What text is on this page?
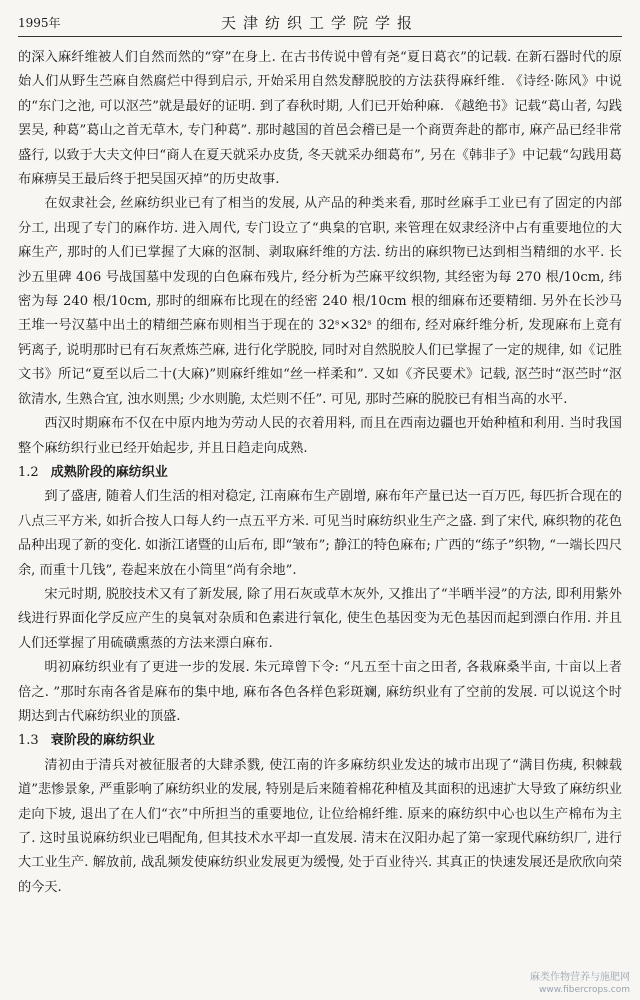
1995年	天津纺织工学院学报

的深入麻纤维被人们自然而然的“穿”在身上. 在古书传说中曾有尧“夏日葛衣”的记载. 在新石器时代的原始人们从野生苎麻自然腐烂中得到启示, 开始采用自然发酵脱胶的方法获得麻纤维. 《诗经·陈风》中说的“东门之池, 可以沤苎”就是最好的证明. 到了春秋时期, 人们已开始种麻. 《越绝书》记载“葛山者, 勾践罢吴, 种葛”葛山之首无草木, 专门种葛”. 那时越国的首邑会稽已是一个商贾奔赴的都市, 麻产品已经非常盛行, 以致于大夫文仲曰“商人在夏天就采办皮货, 冬天就采办细葛布”, 另在《韩非子》中记载“勾践用葛布麻痹吴王最后终于把吴国灭掉”的历史故事.

在奴隶社会, 丝麻纺织业已有了相当的发展, 从产品的种类来看, 那时丝麻手工业已有了固定的内部分工, 出现了专门的麻作坊. 进入周代, 专门设立了“典枲的官职, 来管理在奴隶经济中占有重要地位的大麻生产, 那时的人们已掌握了大麻的沤制、剥取麻纤维的方法. 纺出的麻织物已达到相当精细的水平. 长沙五里碑 406 号战国墓中发现的白色麻布残片, 经分析为苎麻平纹织物, 其经密为每 270 根/10cm, 纬密为每 240 根/10cm, 那时的细麻布比现在的经密 240 根/10cm 根的细麻布还要精细. 另外在长沙马王堆一号汉墓中出土的精细苎麻布则相当于现在的 32ˢ×32ˢ 的细布, 经对麻纤维分析, 发现麻布上竟有钙离子, 说明那时已有石灰煮炼苎麻, 进行化学脱胶, 同时对自然脱胶人们已掌握了一定的规律, 如《记胜文书》所记“夏至以后二十(大麻)”则麻纤维如“丝一样柔和”. 又如《齐民要术》记载, 沤苎时“沤苎时“沤欲清水, 生熟合宜, 浊水则黑; 少水则脆, 太烂则不任”. 可见, 那时苎麻的脱胶已有相当高的水平.

西汉时期麻布不仅在中原内地为劳动人民的衣着用料, 而且在西南边疆也开始种植和利用. 当时我国整个麻纺织行业已经开始起步, 并且日趋走向成熟.

1.2 成熟阶段的麻纺织业

到了盛唐, 随着人们生活的相对稳定, 江南麻布生产剧增, 麻布年产量已达一百万匹, 每匹折合现在的八点三平方米, 如折合按人口每人约一点五平方米. 可见当时麻纺织业生产之盛. 到了宋代, 麻织物的花色品种出现了新的变化. 如浙江诸暨的山后布, 即“皱布”; 静江的特色麻布; 广西的“练子”织物, “一端长四尺余, 而重十几钱”, 卷起来放在小筒里“尚有余地”.

宋元时期, 脱胶技术又有了新发展, 除了用石灰或草木灰外, 又推出了“半晒半浸”的方法, 即利用紫外线进行界面化学反应产生的臭氧对杂质和色素进行氧化, 使生色基因变为无色基因而起到漂白作用. 并且人们还掌握了用硫磺熏蒸的方法来漂白麻布.

明初麻纺织业有了更进一步的发展. 朱元璋曾下令: “凡五至十亩之田者, 各栽麻桑半亩, 十亩以上者倍之. ”那时东南各省是麻布的集中地, 麻布各色各样色彩斑斓, 麻纺织业有了空前的发展. 可以说这个时期达到古代麻纺织业的顶盛.

1.3 衰阶段的麻纺织业

清初由于清兵对被征服者的大肆杀戮, 使江南的许多麻纺织业发达的城市出现了“满目伤痍, 积棘载道”悲惨景象, 严重影响了麻纺织业的发展, 特别是后来随着棉花种植及其面积的迅速扩大导致了麻纺织业走向下坡, 退出了在人们“衣”中所担当的重要地位, 让位给棉纤维. 原来的麻纺织中心也以生产棉布为主了. 这时虽说麻纺织业已唱配角, 但其技术水平却一直发展. 清末在汉阳办起了第一家现代麻纺织厂, 进行大工业生产. 解放前, 战乱频发使麻纺织业发展更为缓慢, 处于百业待兴. 其真正的快速发展还是欣欣向荣的今天.

麻类作物营养与施肥网
www.fibercrops.com
